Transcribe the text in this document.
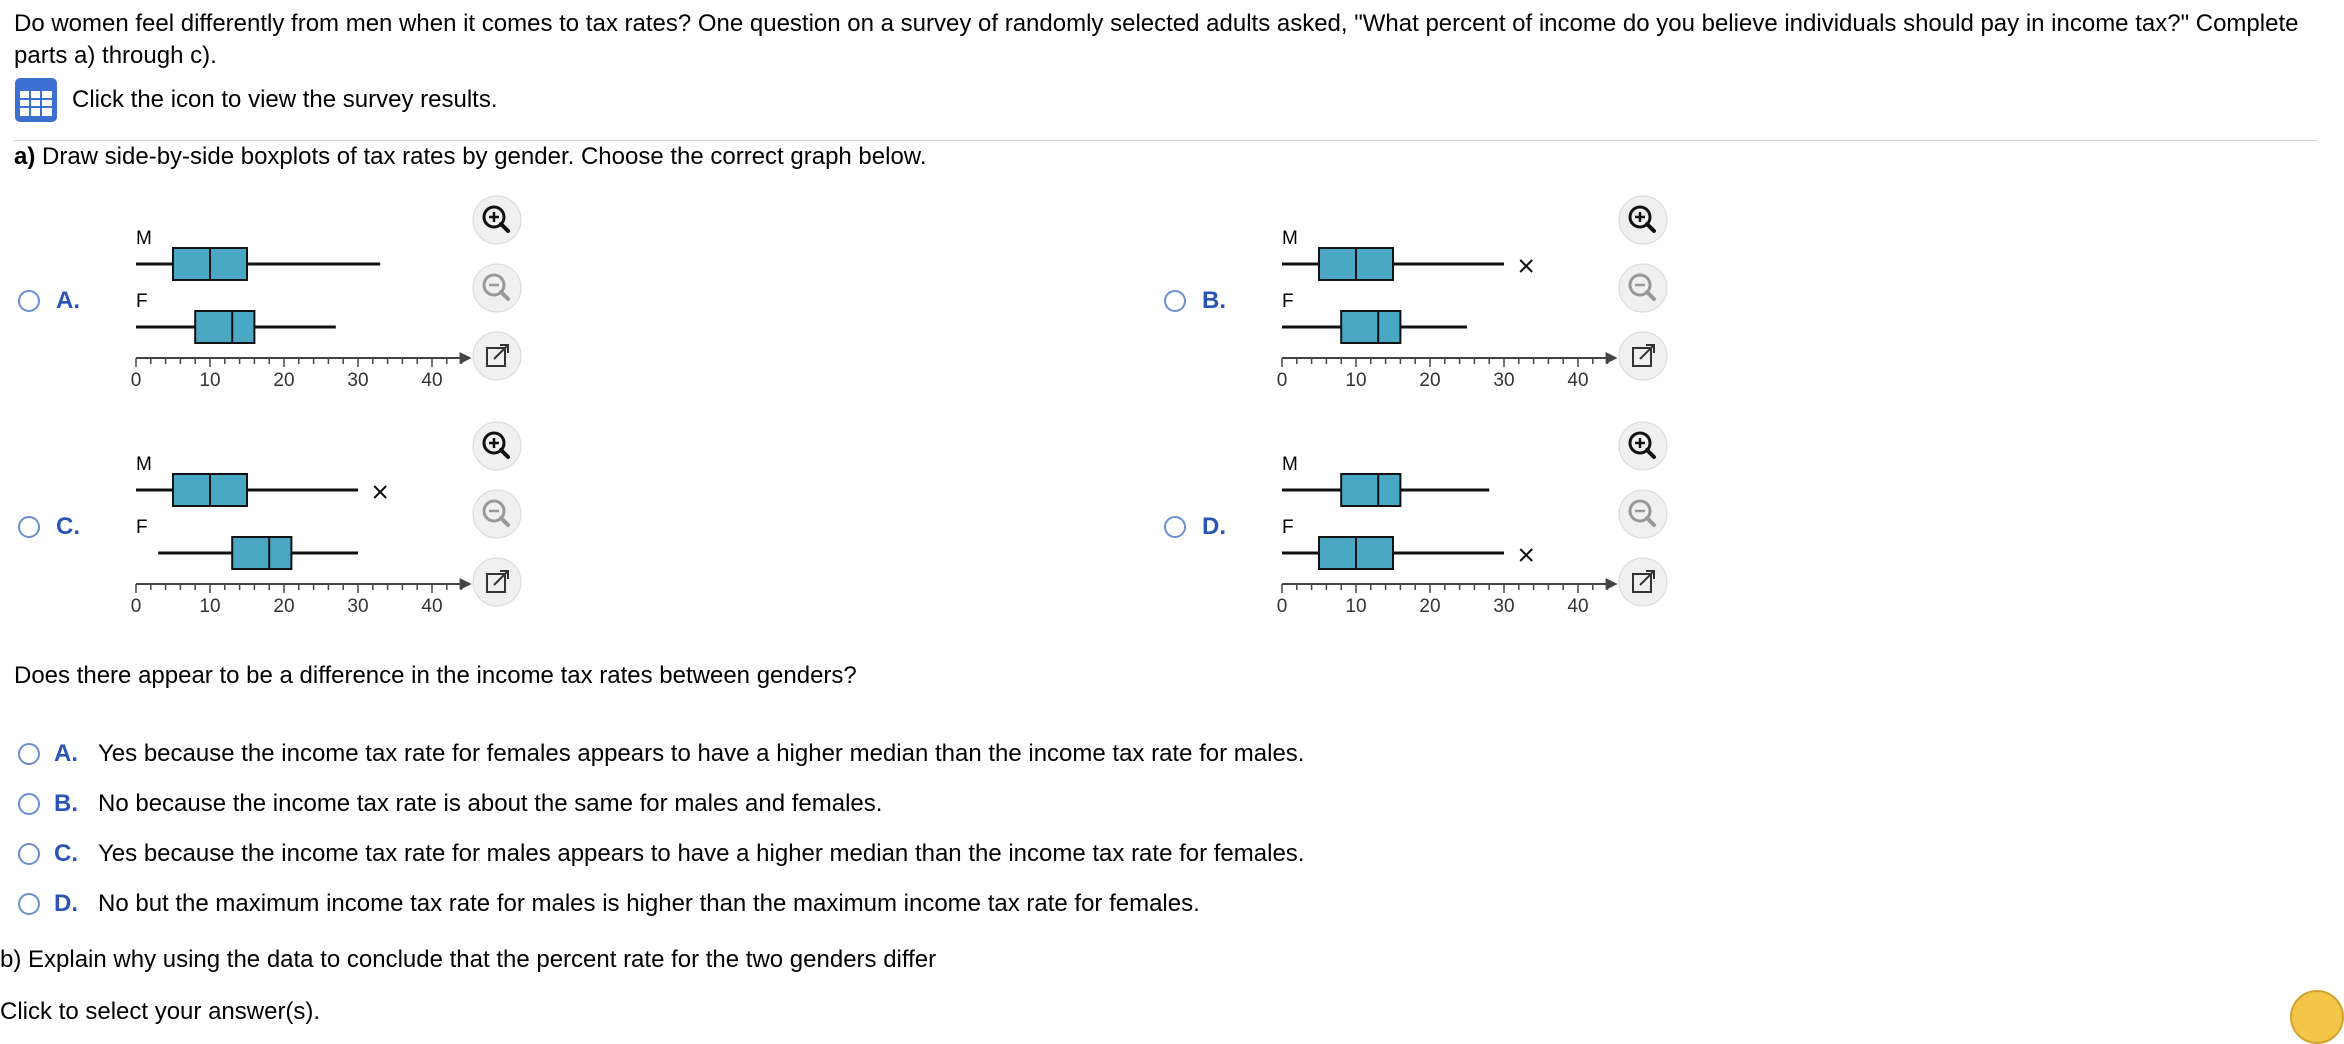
Do women feel differently from men when it comes to tax rates? One question on a survey of randomly selected adults asked, "What percent of income do you believe individuals should pay in income tax?" Complete parts a) through c).
Click the icon to view the survey results.
a) Draw side-by-side boxplots of tax rates by gender. Choose the correct graph below.
A.
M
F
0	10	20	30	40
B.
M
F
0	10	20	30	40
C.
M
F
0	10	20	30	40
D.
M
F
0	10	20	30	40
Does there appear to be a difference in the income tax rates between genders?
A. Yes because the income tax rate for females appears to have a higher median than the income tax rate for males.
B. No because the income tax rate is about the same for males and females.
C. Yes because the income tax rate for males appears to have a higher median than the income tax rate for females.
D. No but the maximum income tax rate for males is higher than the maximum income tax rate for females.
b) Explain why using the data to conclude that the percent rate for the two genders differ
Click to select your answer(s).
